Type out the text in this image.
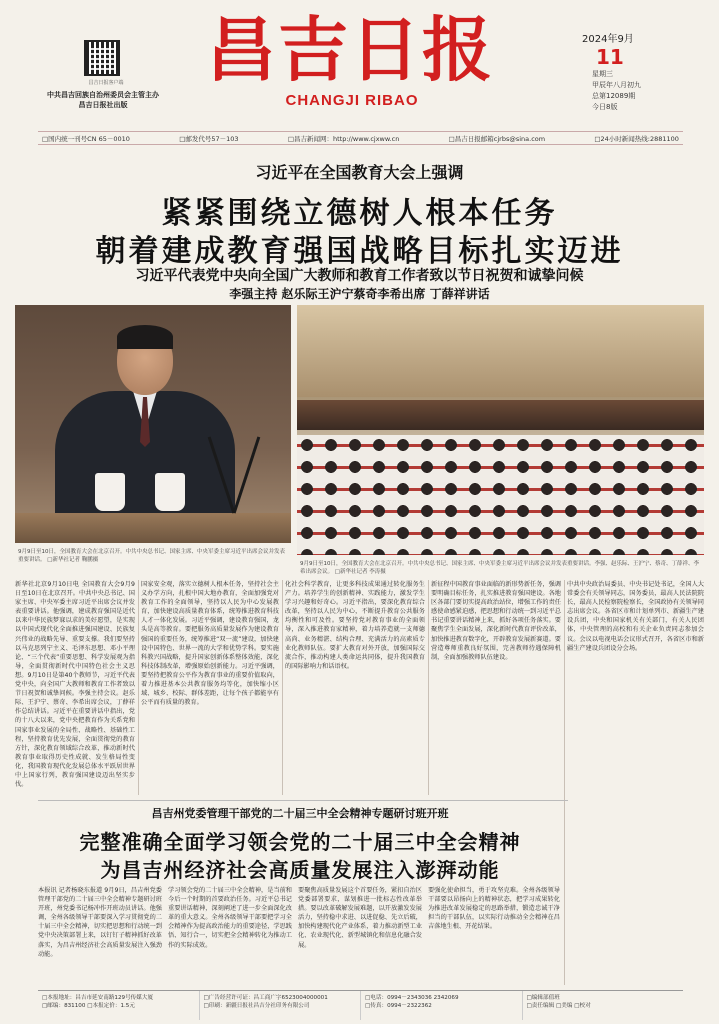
昌吉日报客户端
中共昌吉回族自治州委员会主管主办
昌吉日报社出版
昌吉日报
CHANGJI RIBAO
2024年9月
11
星期三
甲辰年八月初九
总第12089期
今日8版
□国内统一刊号CN 65－0010	□邮发代号57－103	□昌吉新闻网：http://www.cjxww.cn	□昌吉日报邮箱cjrbs@sina.com	□24小时新闻热线:2881100
习近平在全国教育大会上强调
紧紧围绕立德树人根本任务
朝着建成教育强国战略目标扎实迈进
习近平代表党中央向全国广大教师和教育工作者致以节日祝贺和诚挚问候
李强主持 赵乐际王沪宁蔡奇李希出席 丁薛祥讲话
9月9日至10日，全国教育大会在北京召开。中共中央总书记、国家主席、中央军委主席习近平出席会议并发表重要讲话。 □新华社记者 鞠鹏摄
9月9日至10日，全国教育大会在北京召开。中共中央总书记、国家主席、中央军委主席习近平出席会议并发表重要讲话。李强、赵乐际、王沪宁、蔡奇、丁薛祥、李希出席会议。 □新华社记者 李涛摄
新华社北京9月10日电 全国教育大会9月9日至10日在北京召开。中共中央总书记、国家主席、中央军委主席习近平出席会议并发表重要讲话。他强调，建成教育强国是近代以来中华民族梦寐以求的美好愿望，是实现以中国式现代化全面推进强国建设、民族复兴伟业的战略先导、重要支撑。我们要坚持以马克思列宁主义、毛泽东思想、邓小平理论、“三个代表”重要思想、科学发展观为指导，全面贯彻新时代中国特色社会主义思想。9月10日是第40个教师节，习近平代表党中央，向全国广大教师和教育工作者致以节日祝贺和诚挚问候。李强主持会议。赵乐际、王沪宁、蔡奇、李希出席会议，丁薛祥作总结讲话。习近平在重要讲话中指出，党的十八大以来，党中央把教育作为关系党和国家事业发展的全局性、战略性、基础性工程，坚持教育优先发展，全面贯彻党的教育方针，深化教育领域综合改革，推动新时代教育事业取得历史性成就、发生格局性变化，我国教育现代化发展总体水平跃居世界中上国家行列，教育强国建设迈出坚实步伐。
国家安全观，落实立德树人根本任务，坚持社会主义办学方向，扎根中国大地办教育，全面加强党对教育工作的全面领导，坚持以人民为中心发展教育，加快建设高质量教育体系，统筹推进教育科技人才一体化发展。习近平强调，建设教育强国，龙头是高等教育。要把服务高质量发展作为建设教育强国的重要任务，统筹推进“双一流”建设，加快建设中国特色、世界一流的大学和优势学科。要实施科教兴国战略，提升国家创新体系整体效能，深化科技体制改革，增强原始创新能力。习近平强调，要坚持把教育公平作为教育事业的重要价值取向，着力推进基本公共教育服务均等化，加快缩小区域、城乡、校际、群体差距，让每个孩子都能享有公平而有质量的教育。
化社会科学教育，让更多科技成果通过转化服务生产力。培养学生的创新精神、实践能力，激发学生学习兴趣和好奇心。习近平指出，要深化教育综合改革，坚持以人民为中心，不断提升教育公共服务均衡性和可及性。要坚持党对教育事业的全面领导，深入推进教育家精神，着力培养造就一支师德高尚、业务精湛、结构合理、充满活力的高素质专业化教师队伍。要扩大教育对外开放，加强国际交流合作，推动构建人类命运共同体，提升我国教育的国际影响力和话语权。
新征程中国教育事业面临的新形势新任务，强调要明确目标任务，扎实推进教育强国建设。各地区各部门要切实提高政治站位，增强工作的责任感使命感紧迫感，把思想和行动统一到习近平总书记重要讲话精神上来，抓好各项任务落实。要聚焦学生全面发展，深化新时代教育评价改革，加快推进教育数字化，开辟教育发展新赛道。要营造尊师重教良好氛围，完善教师待遇保障机制，全面加强教师队伍建设。
中共中央政治局委员、中央书记处书记，全国人大常委会有关领导同志，国务委员，最高人民法院院长，最高人民检察院检察长，全国政协有关领导同志出席会议。各省区市和计划单列市、新疆生产建设兵团，中央和国家机关有关部门，有关人民团体，中央管理的高校和有关企业负责同志参加会议。会议以电视电话会议形式召开，各省区市和新疆生产建设兵团设分会场。
昌吉州党委管理干部党的二十届三中全会精神专题研讨班开班
完整准确全面学习领会党的二十届三中全会精神
为昌吉州经济社会高质量发展注入澎湃动能
本报讯 记者杨晓东报道 9月9日，昌吉州党委管理干部党的二十届三中全会精神专题研讨班开班，州党委书记杨冲作开班动员讲话。他强调，全州各级领导干部要深入学习贯彻党的二十届三中全会精神，切实把思想和行动统一到党中央决策部署上来，以钉钉子精神抓好改革落实，为昌吉州经济社会高质量发展注入强劲动能。
学习领会党的二十届三中全会精神，是当前和今后一个时期的首要政治任务。习近平总书记重要讲话精神，深刻阐述了进一步全面深化改革的重大意义。全州各级领导干部要把学习全会精神作为提高政治能力的重要途径，学思践悟、知行合一，切实把全会精神转化为推动工作的实际成效。
要聚焦高质量发展这个首要任务，紧扣自治区党委部署要求，谋划推进一批标志性改革举措。要以改革破解发展难题，以开放激发发展活力，坚持稳中求进、以进促稳、先立后破，加快构建现代化产业体系，着力推动新型工业化、农业现代化、新型城镇化和信息化融合发展。
要强化使命担当，勇于攻坚克难。全州各级领导干部要以昂扬向上的精神状态，把学习成果转化为推进改革发展稳定的思路举措，锻造忠诚干净担当的干部队伍，以实际行动推动全会精神在昌吉落地生根、开花结果。
□本报地址：昌吉市延安南路129号传媒大厦
□邮编：831100 □本报定价：1.5元
□广告经营许可证：昌工商广字6523004000001
□印刷：新疆日报社昌吉分社印务有限公司
□电话：0994－2343036 2342069
□传真：0994－2322362
□编辑部值班
□责任编辑 □美编 □校对
